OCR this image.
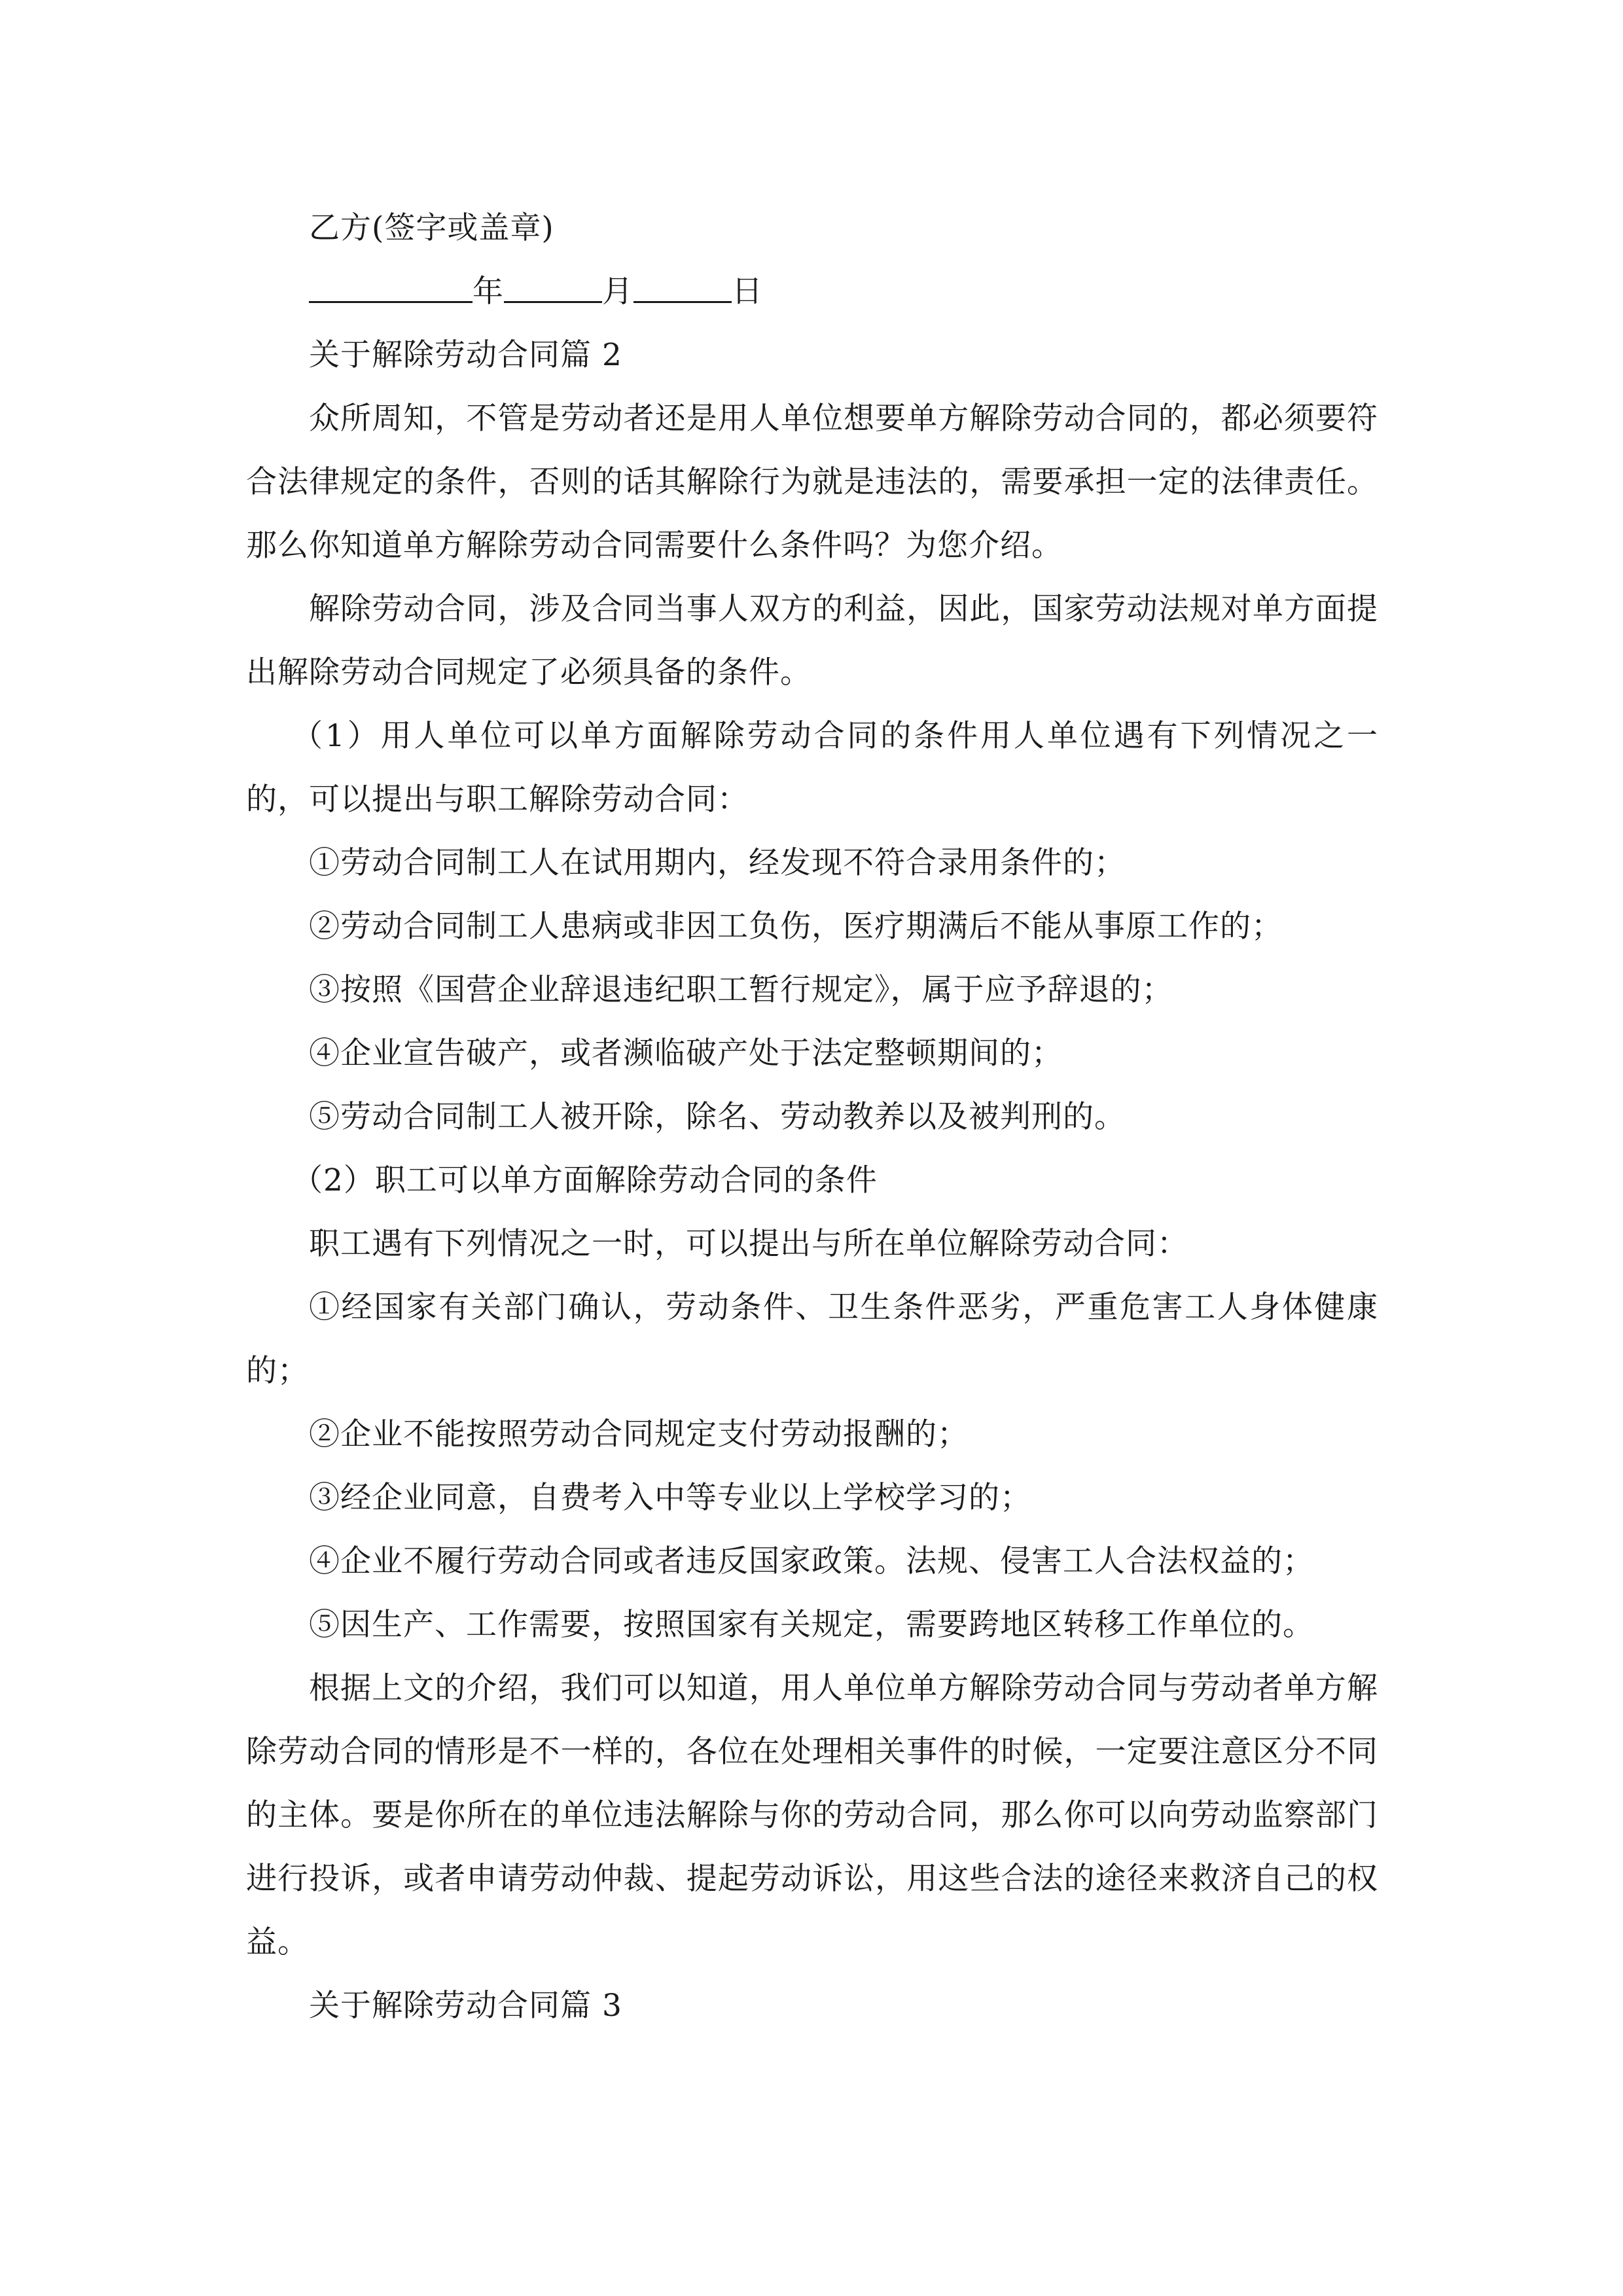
乙方(签字或盖章)

年	月	日

关于解除劳动合同篇 2

众所周知，不管是劳动者还是用人单位想要单方解除劳动合同的，都必须要符合法律规定的条件，否则的话其解除行为就是违法的，需要承担一定的法律责任。那么你知道单方解除劳动合同需要什么条件吗？为您介绍。

解除劳动合同，涉及合同当事人双方的利益，因此，国家劳动法规对单方面提出解除劳动合同规定了必须具备的条件。

（1）用人单位可以单方面解除劳动合同的条件用人单位遇有下列情况之一的，可以提出与职工解除劳动合同：

①劳动合同制工人在试用期内，经发现不符合录用条件的；

②劳动合同制工人患病或非因工负伤，医疗期满后不能从事原工作的；

③按照《国营企业辞退违纪职工暂行规定》，属于应予辞退的；

④企业宣告破产，或者濒临破产处于法定整顿期间的；

⑤劳动合同制工人被开除，除名、劳动教养以及被判刑的。

（2）职工可以单方面解除劳动合同的条件

职工遇有下列情况之一时，可以提出与所在单位解除劳动合同：

①经国家有关部门确认，劳动条件、卫生条件恶劣，严重危害工人身体健康的；

②企业不能按照劳动合同规定支付劳动报酬的；

③经企业同意，自费考入中等专业以上学校学习的；

④企业不履行劳动合同或者违反国家政策。法规、侵害工人合法权益的；

⑤因生产、工作需要，按照国家有关规定，需要跨地区转移工作单位的。

根据上文的介绍，我们可以知道，用人单位单方解除劳动合同与劳动者单方解除劳动合同的情形是不一样的，各位在处理相关事件的时候，一定要注意区分不同的主体。要是你所在的单位违法解除与你的劳动合同，那么你可以向劳动监察部门进行投诉，或者申请劳动仲裁、提起劳动诉讼，用这些合法的途径来救济自己的权益。

关于解除劳动合同篇 3
